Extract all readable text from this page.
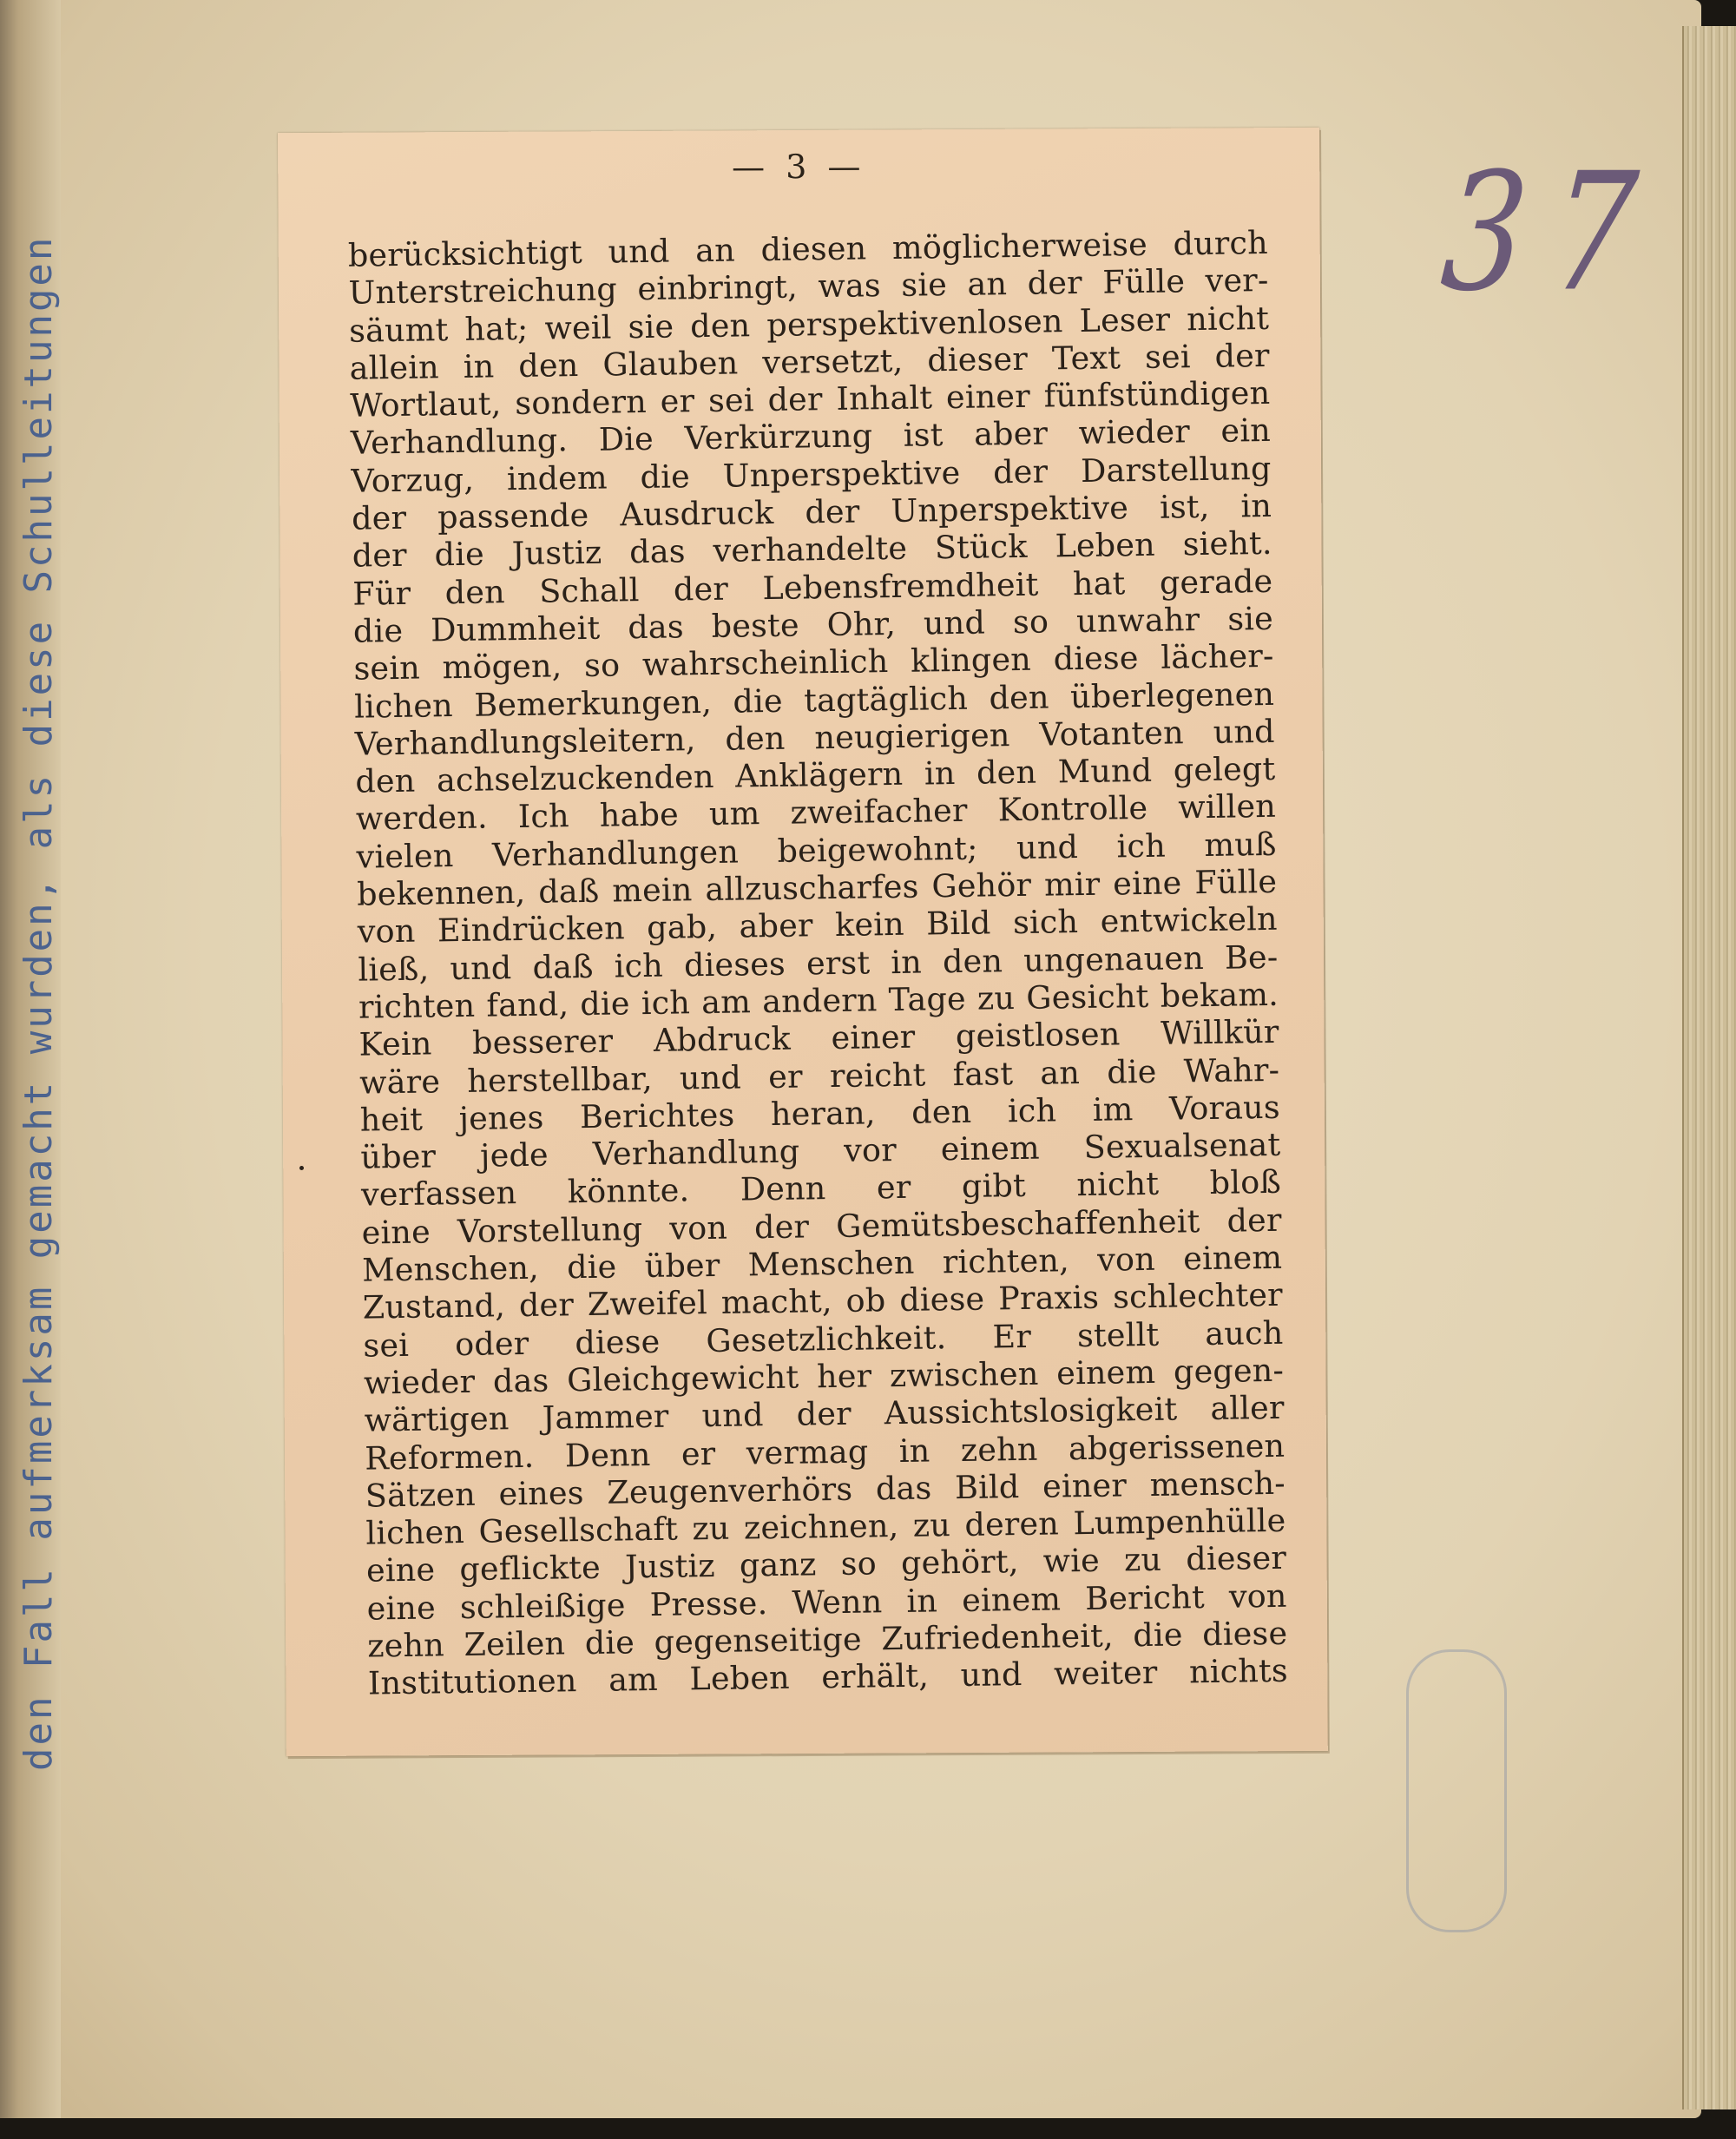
den Fall aufmerksam gemacht wurden, als diese Schulleitungen
37
— 3 —
berücksichtigt und an diesen möglicherweise durch
Unterstreichung einbringt, was sie an der Fülle ver-
säumt hat; weil sie den perspektivenlosen Leser nicht
allein in den Glauben versetzt, dieser Text sei der
Wortlaut, sondern er sei der Inhalt einer fünfstündigen
Verhandlung. Die Verkürzung ist aber wieder ein
Vorzug, indem die Unperspektive der Darstellung
der passende Ausdruck der Unperspektive ist, in
der die Justiz das verhandelte Stück Leben sieht.
Für den Schall der Lebensfremdheit hat gerade
die Dummheit das beste Ohr, und so unwahr sie
sein mögen, so wahrscheinlich klingen diese lächer-
lichen Bemerkungen, die tagtäglich den überlegenen
Verhandlungsleitern, den neugierigen Votanten und
den achselzuckenden Anklägern in den Mund gelegt
werden. Ich habe um zweifacher Kontrolle willen
vielen Verhandlungen beigewohnt; und ich muß
bekennen, daß mein allzuscharfes Gehör mir eine Fülle
von Eindrücken gab, aber kein Bild sich entwickeln
ließ, und daß ich dieses erst in den ungenauen Be-
richten fand, die ich am andern Tage zu Gesicht bekam.
Kein besserer Abdruck einer geistlosen Willkür
wäre herstellbar, und er reicht fast an die Wahr-
heit jenes Berichtes heran, den ich im Voraus
über jede Verhandlung vor einem Sexualsenat
verfassen könnte. Denn er gibt nicht bloß
eine Vorstellung von der Gemütsbeschaffenheit der
Menschen, die über Menschen richten, von einem
Zustand, der Zweifel macht, ob diese Praxis schlechter
sei oder diese Gesetzlichkeit. Er stellt auch
wieder das Gleichgewicht her zwischen einem gegen-
wärtigen Jammer und der Aussichtslosigkeit aller
Reformen. Denn er vermag in zehn abgerissenen
Sätzen eines Zeugenverhörs das Bild einer mensch-
lichen Gesellschaft zu zeichnen, zu deren Lumpenhülle
eine geflickte Justiz ganz so gehört, wie zu dieser
eine schleißige Presse. Wenn in einem Bericht von
zehn Zeilen die gegenseitige Zufriedenheit, die diese
Institutionen am Leben erhält, und weiter nichts
